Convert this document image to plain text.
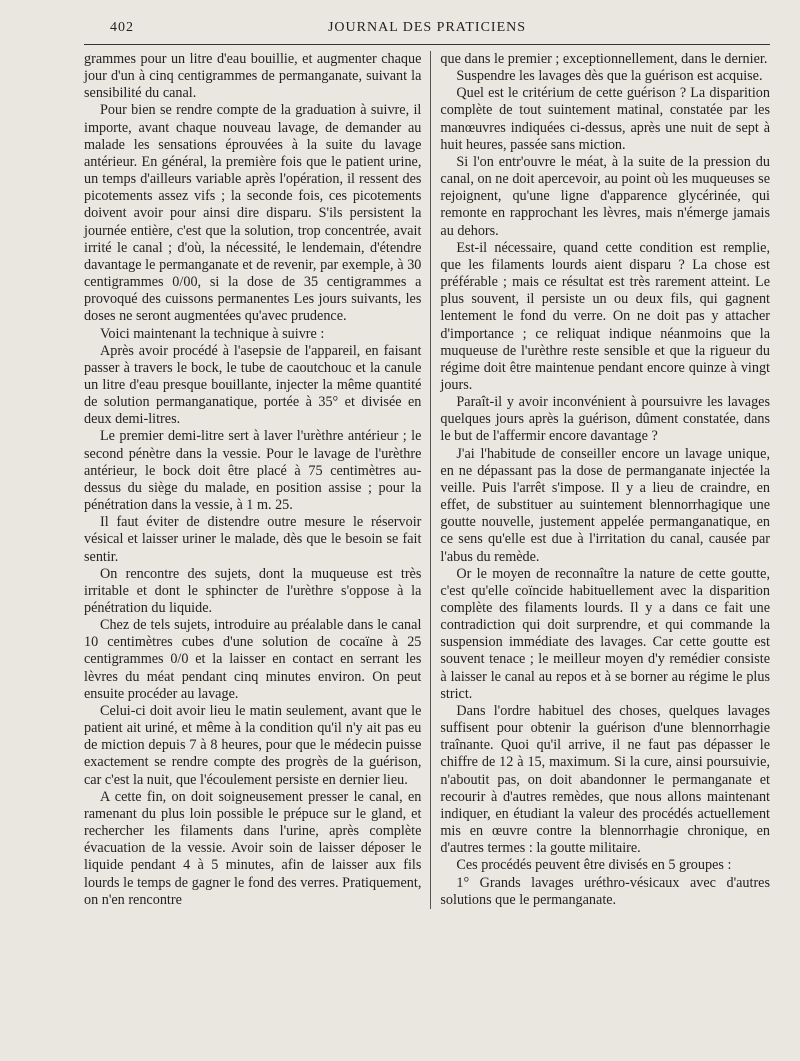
402	JOURNAL DES PRATICIENS

grammes pour un litre d'eau bouillie, et augmenter chaque jour d'un à cinq centigrammes de permanganate, suivant la sensibilité du canal.

Pour bien se rendre compte de la graduation à suivre, il importe, avant chaque nouveau lavage, de demander au malade les sensations éprouvées à la suite du lavage antérieur. En général, la première fois que le patient urine, un temps d'ailleurs variable après l'opération, il ressent des picotements assez vifs ; la seconde fois, ces picotements doivent avoir pour ainsi dire disparu. S'ils persistent la journée entière, c'est que la solution, trop concentrée, avait irrité le canal ; d'où, la nécessité, le lendemain, d'étendre davantage le permanganate et de revenir, par exemple, à 30 centigrammes 0/00, si la dose de 35 centigrammes a provoqué des cuissons permanentes Les jours suivants, les doses ne seront augmentées qu'avec prudence.

Voici maintenant la technique à suivre :

Après avoir procédé à l'asepsie de l'appareil, en faisant passer à travers le bock, le tube de caoutchouc et la canule un litre d'eau presque bouillante, injecter la même quantité de solution permanganatique, portée à 35° et divisée en deux demi-litres.

Le premier demi-litre sert à laver l'urèthre antérieur ; le second pénètre dans la vessie. Pour le lavage de l'urèthre antérieur, le bock doit être placé à 75 centimètres au-dessus du siège du malade, en position assise ; pour la pénétration dans la vessie, à 1 m. 25.

Il faut éviter de distendre outre mesure le réservoir vésical et laisser uriner le malade, dès que le besoin se fait sentir.

On rencontre des sujets, dont la muqueuse est très irritable et dont le sphincter de l'urèthre s'oppose à la pénétration du liquide.

Chez de tels sujets, introduire au préalable dans le canal 10 centimètres cubes d'une solution de cocaïne à 25 centigrammes 0/0 et la laisser en contact en serrant les lèvres du méat pendant cinq minutes environ. On peut ensuite procéder au lavage.

Celui-ci doit avoir lieu le matin seulement, avant que le patient ait uriné, et même à la condition qu'il n'y ait pas eu de miction depuis 7 à 8 heures, pour que le médecin puisse exactement se rendre compte des progrès de la guérison, car c'est la nuit, que l'écoulement persiste en dernier lieu.

A cette fin, on doit soigneusement presser le canal, en ramenant du plus loin possible le prépuce sur le gland, et rechercher les filaments dans l'urine, après complète évacuation de la vessie. Avoir soin de laisser déposer le liquide pendant 4 à 5 minutes, afin de laisser aux fils lourds le temps de gagner le fond des verres. Pratiquement, on n'en rencontre

que dans le premier ; exceptionnellement, dans le dernier.

Suspendre les lavages dès que la guérison est acquise.

Quel est le critérium de cette guérison ? La disparition complète de tout suintement matinal, constatée par les manœuvres indiquées ci-dessus, après une nuit de sept à huit heures, passée sans miction.

Si l'on entr'ouvre le méat, à la suite de la pression du canal, on ne doit apercevoir, au point où les muqueuses se rejoignent, qu'une ligne d'apparence glycérinée, qui remonte en rapprochant les lèvres, mais n'émerge jamais au dehors.

Est-il nécessaire, quand cette condition est remplie, que les filaments lourds aient disparu ? La chose est préférable ; mais ce résultat est très rarement atteint. Le plus souvent, il persiste un ou deux fils, qui gagnent lentement le fond du verre. On ne doit pas y attacher d'importance ; ce reliquat indique néanmoins que la muqueuse de l'urèthre reste sensible et que la rigueur du régime doit être maintenue pendant encore quinze à vingt jours.

Paraît-il y avoir inconvénient à poursuivre les lavages quelques jours après la guérison, dûment constatée, dans le but de l'affermir encore davantage ?

J'ai l'habitude de conseiller encore un lavage unique, en ne dépassant pas la dose de permanganate injectée la veille. Puis l'arrêt s'impose. Il y a lieu de craindre, en effet, de substituer au suintement blennorrhagique une goutte nouvelle, justement appelée permanganatique, en ce sens qu'elle est due à l'irritation du canal, causée par l'abus du remède.

Or le moyen de reconnaître la nature de cette goutte, c'est qu'elle coïncide habituellement avec la disparition complète des filaments lourds. Il y a dans ce fait une contradiction qui doit surprendre, et qui commande la suspension immédiate des lavages. Car cette goutte est souvent tenace ; le meilleur moyen d'y remédier consiste à laisser le canal au repos et à se borner au régime le plus strict.

Dans l'ordre habituel des choses, quelques lavages suffisent pour obtenir la guérison d'une blennorrhagie traînante. Quoi qu'il arrive, il ne faut pas dépasser le chiffre de 12 à 15, maximum. Si la cure, ainsi poursuivie, n'aboutit pas, on doit abandonner le permanganate et recourir à d'autres remèdes, que nous allons maintenant indiquer, en étudiant la valeur des procédés actuellement mis en œuvre contre la blennorrhagie chronique, en d'autres termes : la goutte militaire.

Ces procédés peuvent être divisés en 5 groupes :

1° Grands lavages uréthro-vésicaux avec d'autres solutions que le permanganate.
